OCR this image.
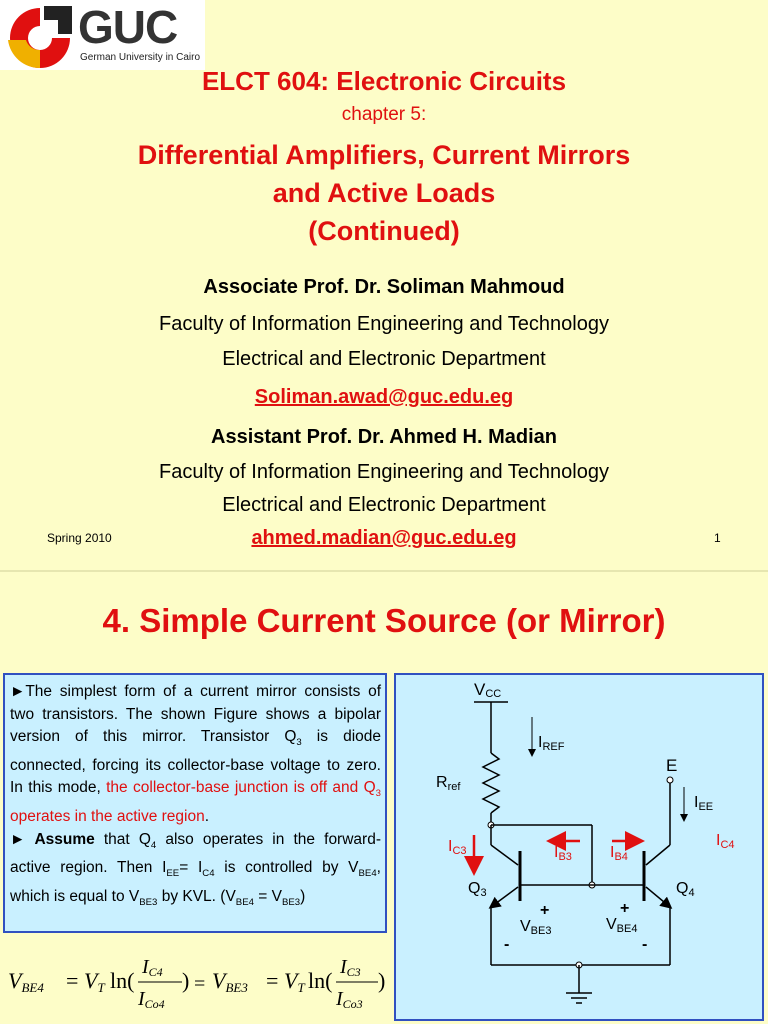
GUC
German University in Cairo
ELCT 604: Electronic Circuits
chapter 5:
Differential Amplifiers, Current Mirrors
and Active Loads
(Continued)
Associate Prof. Dr. Soliman Mahmoud
Faculty of Information Engineering and Technology
Electrical and Electronic Department
Soliman.awad@guc.edu.eg
Assistant Prof. Dr. Ahmed H. Madian
Faculty of Information Engineering and Technology
Electrical and Electronic Department
ahmed.madian@guc.edu.eg
Spring 2010	1
4. Simple Current Source (or Mirror)

►The simplest form of a current mirror consists of two transistors. The shown Figure shows a bipolar version of this mirror. Transistor $Q_3$ is diode connected, forcing its collector-base voltage to zero. In this mode, the collector-base junction is off and $Q_3$ operates in the active region.

► Assume that $Q_4$ also operates in the forward-active region. Then $I_{EE}= I_{C4}$ is controlled by $V_{BE4}$, which is equal to $V_{BE3}$ by KVL. $(V_{BE4} = V_{BE3})$

VCC
IREF
Rref
E
IEE
IC4
IC3	IB3 IB4
Q3	Q4
+	+
VBE3	VBE4
-	-
VBE4 = VT ln(
IC4
ICo4
) = VBE3 = VT ln(
IC3
ICo3
)
